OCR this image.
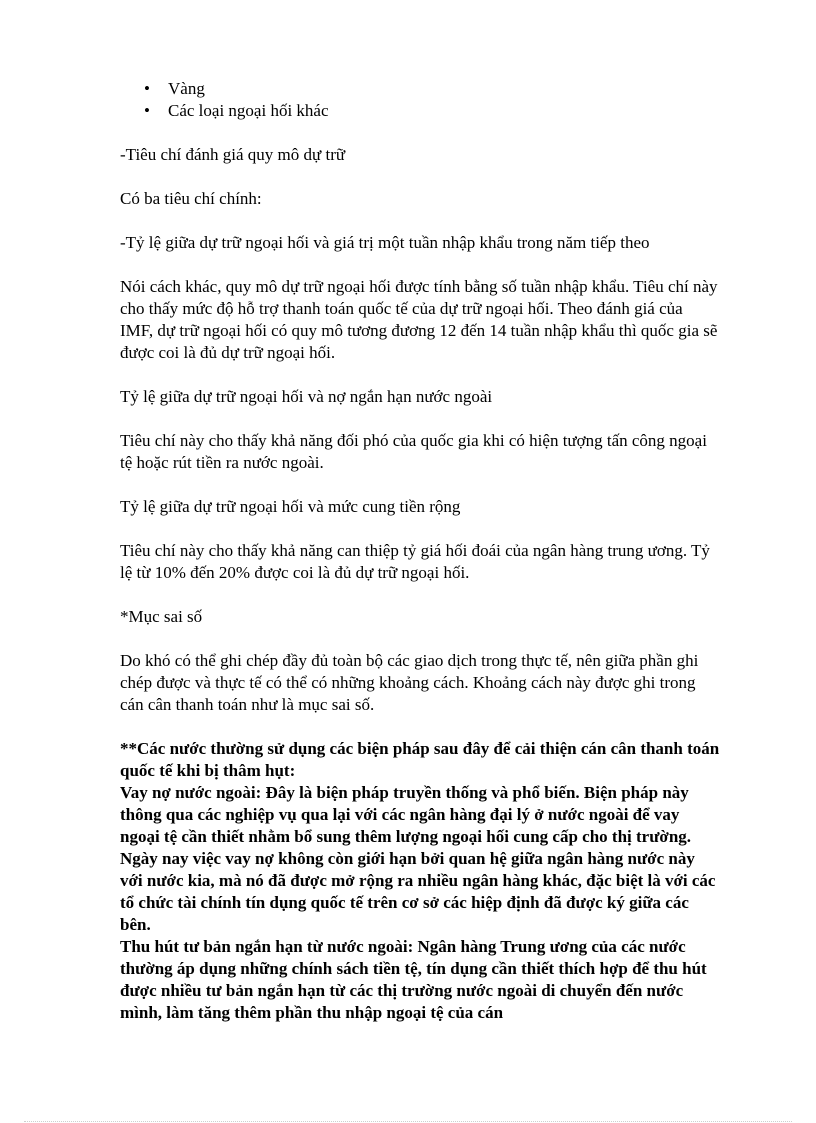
• Vàng
• Các loại ngoại hối khác

-Tiêu chí đánh giá quy mô dự trữ

Có ba tiêu chí chính:

-Tỷ lệ giữa dự trữ ngoại hối và giá trị một tuần nhập khẩu trong năm tiếp theo

Nói cách khác, quy mô dự trữ ngoại hối được tính bằng số tuần nhập khẩu. Tiêu chí này cho thấy mức độ hỗ trợ thanh toán quốc tế của dự trữ ngoại hối. Theo đánh giá của IMF, dự trữ ngoại hối có quy mô tương đương 12 đến 14 tuần nhập khẩu thì quốc gia sẽ được coi là đủ dự trữ ngoại hối.

Tỷ lệ giữa dự trữ ngoại hối và nợ ngắn hạn nước ngoài

Tiêu chí này cho thấy khả năng đối phó của quốc gia khi có hiện tượng tấn công ngoại tệ hoặc rút tiền ra nước ngoài.

Tỷ lệ giữa dự trữ ngoại hối và mức cung tiền rộng

Tiêu chí này cho thấy khả năng can thiệp tỷ giá hối đoái của ngân hàng trung ương. Tỷ lệ từ 10% đến 20% được coi là đủ dự trữ ngoại hối.

*Mục sai số

Do khó có thể ghi chép đầy đủ toàn bộ các giao dịch trong thực tế, nên giữa phần ghi chép được và thực tế có thể có những khoảng cách. Khoảng cách này được ghi trong cán cân thanh toán như là mục sai số.

**Các nước thường sử dụng các biện pháp sau đây để cải thiện cán cân thanh toán quốc tế khi bị thâm hụt:

Vay nợ nước ngoài: Đây là biện pháp truyền thống và phổ biến. Biện pháp này thông qua các nghiệp vụ qua lại với các ngân hàng đại lý ở nước ngoài để vay ngoại tệ cần thiết nhằm bổ sung thêm lượng ngoại hối cung cấp cho thị trường. Ngày nay việc vay nợ không còn giới hạn bởi quan hệ giữa ngân hàng nước này với nước kia, mà nó đã được mở rộng ra nhiều ngân hàng khác, đặc biệt là với các tổ chức tài chính tín dụng quốc tế trên cơ sở các hiệp định đã được ký giữa các bên.

Thu hút tư bản ngắn hạn từ nước ngoài: Ngân hàng Trung ương của các nước thường áp dụng những chính sách tiền tệ, tín dụng cần thiết thích hợp để thu hút được nhiều tư bản ngắn hạn từ các thị trường nước ngoài di chuyển đến nước mình, làm tăng thêm phần thu nhập ngoại tệ của cán
